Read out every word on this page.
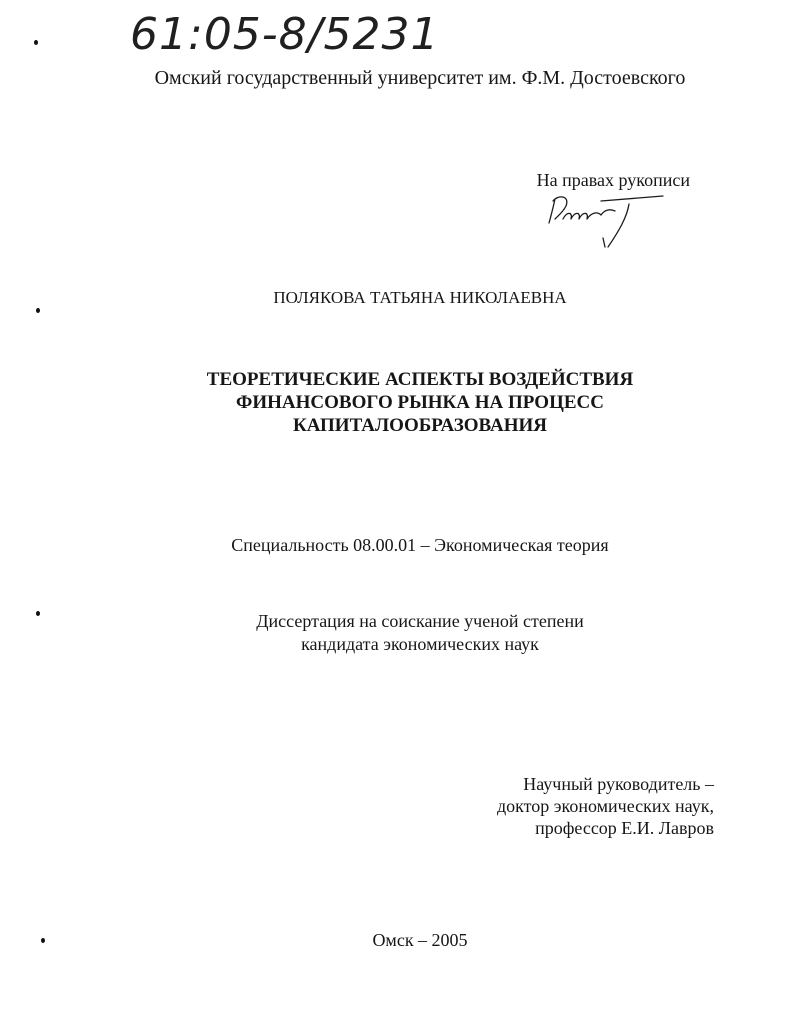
61:05-8/5231
Омский государственный университет им. Ф.М. Достоевского
На правах рукописи
ПОЛЯКОВА ТАТЬЯНА НИКОЛАЕВНА
ТЕОРЕТИЧЕСКИЕ АСПЕКТЫ ВОЗДЕЙСТВИЯ
ФИНАНСОВОГО РЫНКА НА ПРОЦЕСС
КАПИТАЛООБРАЗОВАНИЯ
Специальность 08.00.01 – Экономическая теория
Диссертация на соискание ученой степени
кандидата экономических наук
Научный руководитель –
доктор экономических наук,
профессор Е.И. Лавров
Омск – 2005
